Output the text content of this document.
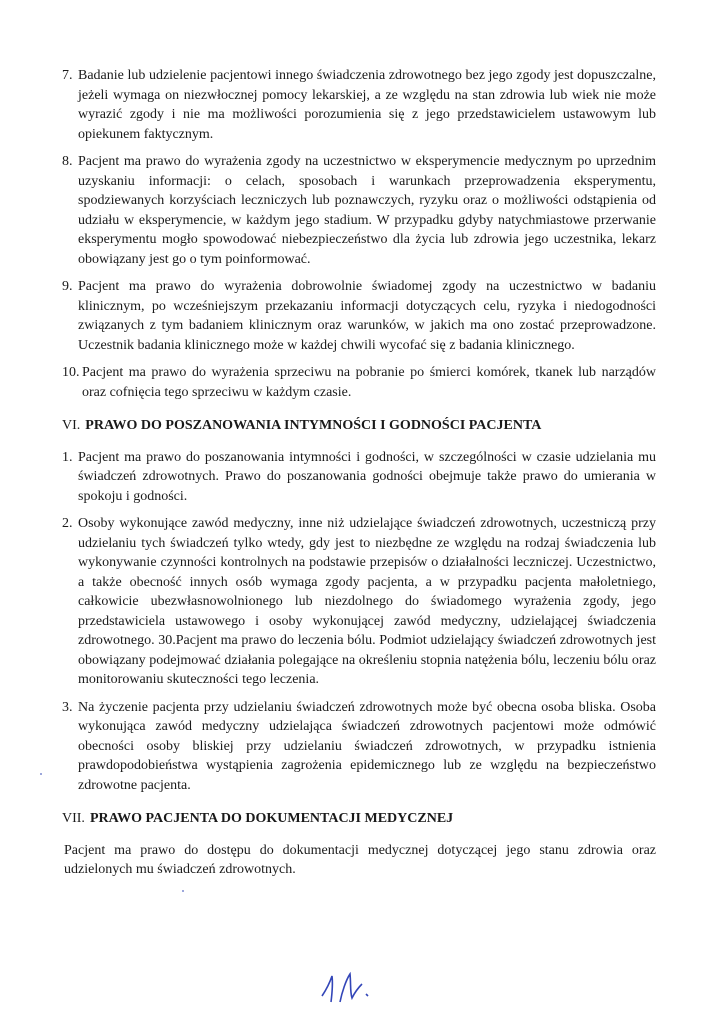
7. Badanie lub udzielenie pacjentowi innego świadczenia zdrowotnego bez jego zgody jest dopuszczalne, jeżeli wymaga on niezwłocznej pomocy lekarskiej, a ze względu na stan zdrowia lub wiek nie może wyrazić zgody i nie ma możliwości porozumienia się z jego przedstawicielem ustawowym lub opiekunem faktycznym.
8. Pacjent ma prawo do wyrażenia zgody na uczestnictwo w eksperymencie medycznym po uprzednim uzyskaniu informacji: o celach, sposobach i warunkach przeprowadzenia eksperymentu, spodziewanych korzyściach leczniczych lub poznawczych, ryzyku oraz o możliwości odstąpienia od udziału w eksperymencie, w każdym jego stadium. W przypadku gdyby natychmiastowe przerwanie eksperymentu mogło spowodować niebezpieczeństwo dla życia lub zdrowia jego uczestnika, lekarz obowiązany jest go o tym poinformować.
9. Pacjent ma prawo do wyrażenia dobrowolnie świadomej zgody na uczestnictwo w badaniu klinicznym, po wcześniejszym przekazaniu informacji dotyczących celu, ryzyka i niedogodności związanych z tym badaniem klinicznym oraz warunków, w jakich ma ono zostać przeprowadzone. Uczestnik badania klinicznego może w każdej chwili wycofać się z badania klinicznego.
10. Pacjent ma prawo do wyrażenia sprzeciwu na pobranie po śmierci komórek, tkanek lub narządów oraz cofnięcia tego sprzeciwu w każdym czasie.
VI. PRAWO DO POSZANOWANIA INTYMNOŚCI I GODNOŚCI PACJENTA
1. Pacjent ma prawo do poszanowania intymności i godności, w szczególności w czasie udzielania mu świadczeń zdrowotnych. Prawo do poszanowania godności obejmuje także prawo do umierania w spokoju i godności.
2. Osoby wykonujące zawód medyczny, inne niż udzielające świadczeń zdrowotnych, uczestniczą przy udzielaniu tych świadczeń tylko wtedy, gdy jest to niezbędne ze względu na rodzaj świadczenia lub wykonywanie czynności kontrolnych na podstawie przepisów o działalności leczniczej. Uczestnictwo, a także obecność innych osób wymaga zgody pacjenta, a w przypadku pacjenta małoletniego, całkowicie ubezwłasnowolnionego lub niezdolnego do świadomego wyrażenia zgody, jego przedstawiciela ustawowego i osoby wykonującej zawód medyczny, udzielającej świadczenia zdrowotnego. 30.Pacjent ma prawo do leczenia bólu. Podmiot udzielający świadczeń zdrowotnych jest obowiązany podejmować działania polegające na określeniu stopnia natężenia bólu, leczeniu bólu oraz monitorowaniu skuteczności tego leczenia.
3. Na życzenie pacjenta przy udzielaniu świadczeń zdrowotnych może być obecna osoba bliska. Osoba wykonująca zawód medyczny udzielająca świadczeń zdrowotnych pacjentowi może odmówić obecności osoby bliskiej przy udzielaniu świadczeń zdrowotnych, w przypadku istnienia prawdopodobieństwa wystąpienia zagrożenia epidemicznego lub ze względu na bezpieczeństwo zdrowotne pacjenta.
VII. PRAWO PACJENTA DO DOKUMENTACJI MEDYCZNEJ
Pacjent ma prawo do dostępu do dokumentacji medycznej dotyczącej jego stanu zdrowia oraz udzielonych mu świadczeń zdrowotnych.
